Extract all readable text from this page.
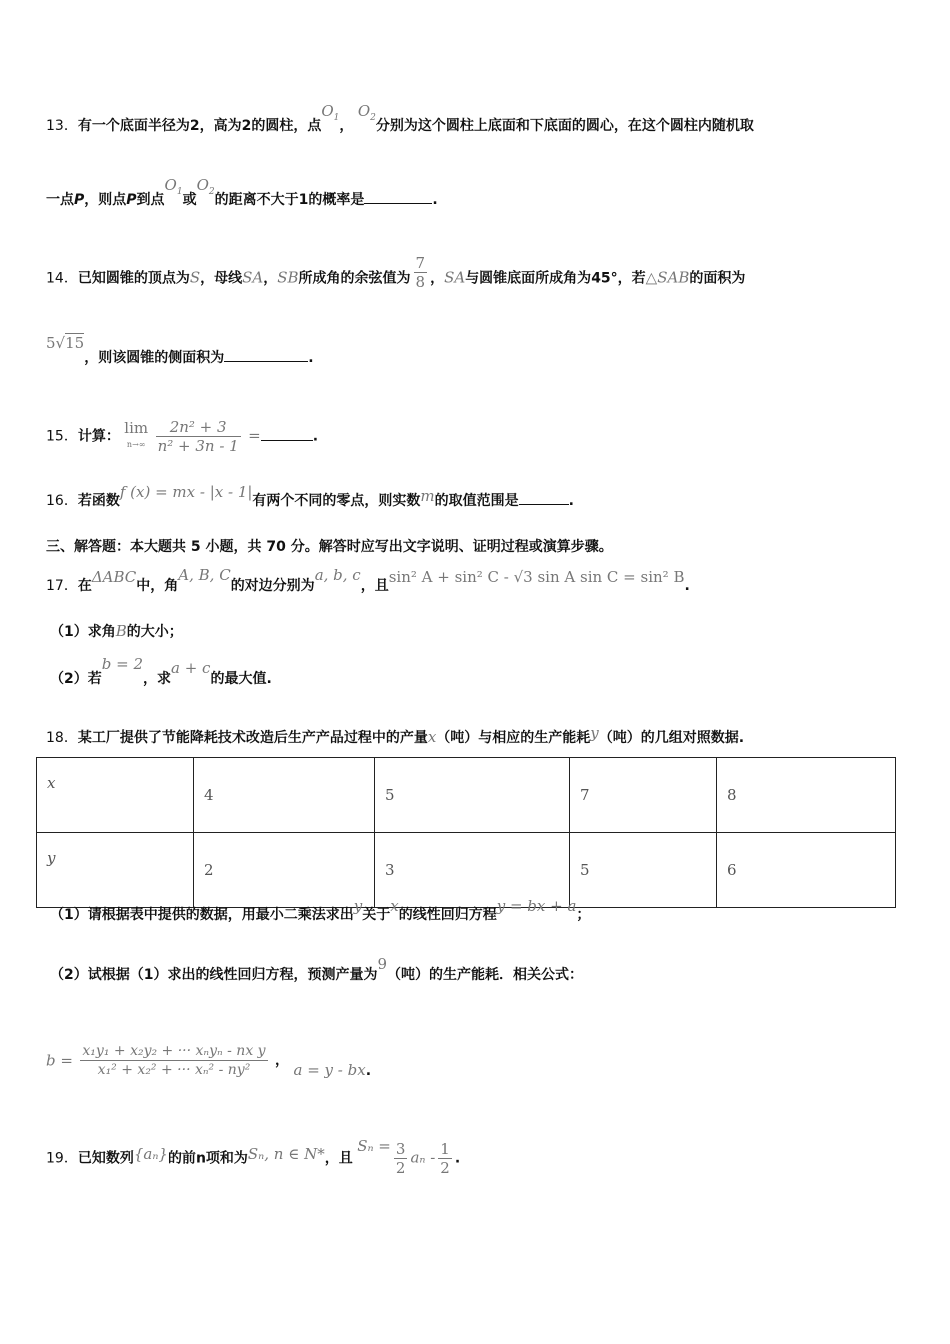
13．有一个底面半径为2，高为2的圆柱，点$O_1$， $O_2$分别为这个圆柱上底面和下底面的圆心，在这个圆柱内随机取
一点P，则点P到点$O_1$或$O_2$的距离不大于1的概率是	.
14．已知圆锥的顶点为S，母线SA，SB所成角的余弦值为 $\frac{7}{8}$ ，SA与圆锥底面所成角为45°，若△SAB的面积为
5√15，则该圆锥的侧面积为	.
15．计算： lim
$n\to\infty \frac{\text{2n² + 3}}{\text{n² + 3n - 1}}$ =	.
16．若函数f (x) = mx - |x - 1|有两个不同的零点，则实数m的取值范围是	.
三、解答题：本大题共 5 小题，共 70 分。解答时应写出文字说明、证明过程或演算步骤。
17．在ΔABC中，角A, B, C的对边分别为a, b, c，且sin² A + sin² C - √3 sin A sin C = sin² B.
（1）求角B的大小；
（2）若b = 2，求a + c的最大值.
18．某工厂提供了节能降耗技术改造后生产产品过程中的产量x（吨）与相应的生产能耗y（吨）的几组对照数据.
x	4	5	7	8
y	2	3	5	6
（1）请根据表中提供的数据，用最小二乘法求出y关于x的线性回归方程y = bx + a；
（2）试根据（1）求出的线性回归方程，预测产量为9（吨）的生产能耗．相关公式：
$b = \frac{\text{x₁y₁ + x₂y₂ + ··· xₙyₙ - nx y}}{\text{x₁² + x₂² + ··· xₙ² - ny²}}$ ， a = y - bx.
19．已知数列{aₙ}的前n项和为Sₙ, n ∈ N*，且 $S_n = \frac{3}{2}$ aₙ - $\frac{1}{2}$ .
